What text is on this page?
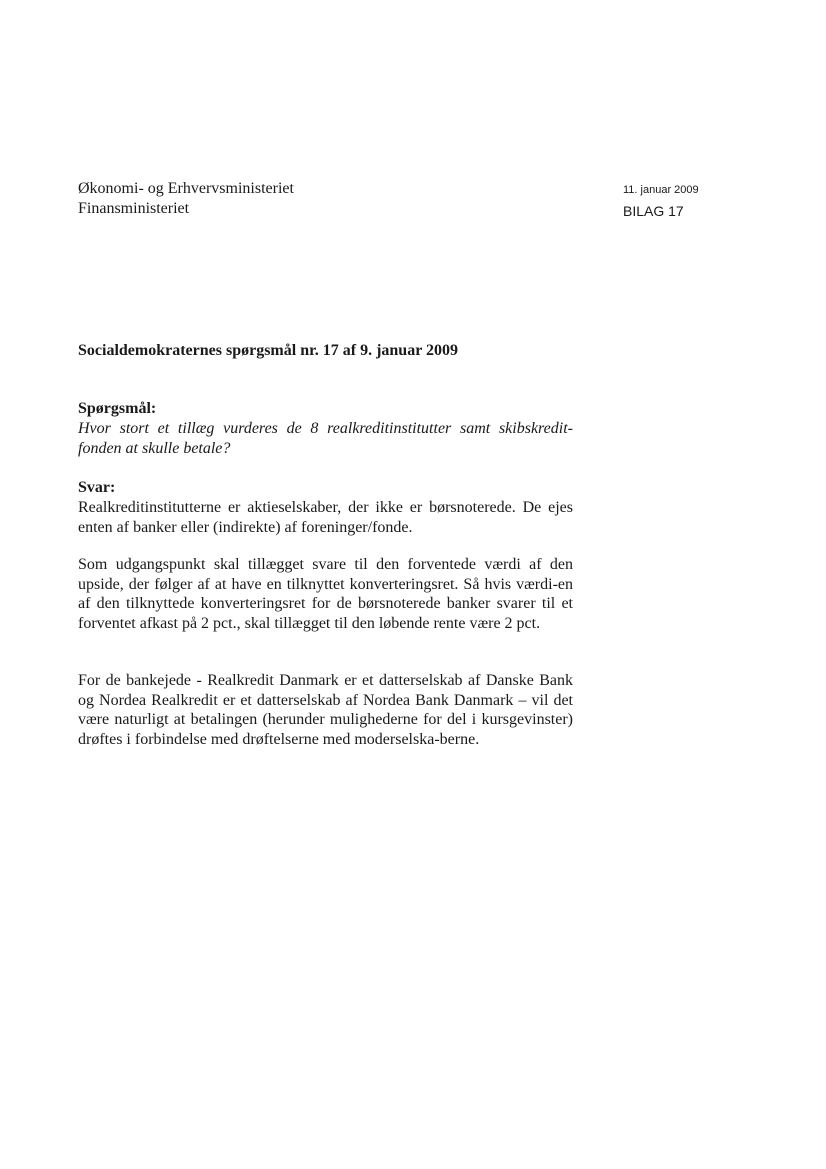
Økonomi- og Erhvervsministeriet
Finansministeriet
11. januar 2009
BILAG 17
Socialdemokraternes spørgsmål nr. 17 af 9. januar 2009
Spørgsmål:

Hvor stort et tillæg vurderes de 8 realkreditinstitutter samt skibskredit-fonden at skulle betale?

Svar:

Realkreditinstitutterne er aktieselskaber, der ikke er børsnoterede. De ejes enten af banker eller (indirekte) af foreninger/fonde.

Som udgangspunkt skal tillægget svare til den forventede værdi af den upside, der følger af at have en tilknyttet konverteringsret. Så hvis værdi-en af den tilknyttede konverteringsret for de børsnoterede banker svarer til et forventet afkast på 2 pct., skal tillægget til den løbende rente være 2 pct.

For de bankejede - Realkredit Danmark er et datterselskab af Danske Bank og Nordea Realkredit er et datterselskab af Nordea Bank Danmark – vil det være naturligt at betalingen (herunder mulighederne for del i kursgevinster) drøftes i forbindelse med drøftelserne med moderselska-berne.
